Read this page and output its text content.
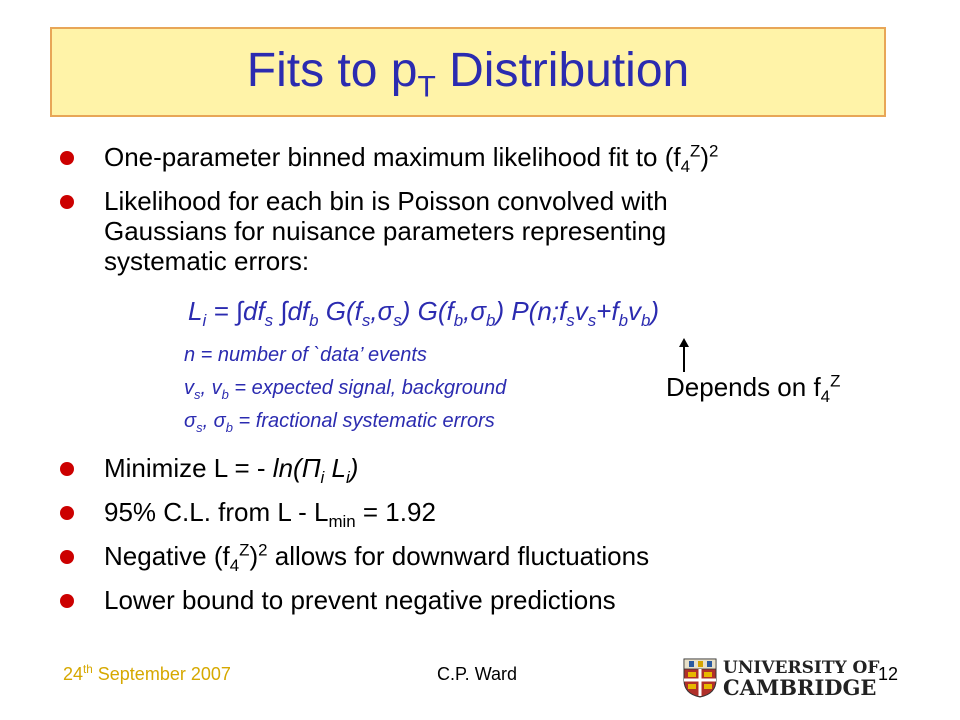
Fits to $p_T$ Distribution
One-parameter binned maximum likelihood fit to $(f_4^Z)^2$
Likelihood for each bin is Poisson convolved with
Gaussians for nuisance parameters representing
systematic errors:
$L_i = \int df_s$ $\int df_b$ $G(f_s,\sigma_s)$ $G(f_b,\sigma_b)$ $P(n;f_sv_s+f_bv_b)$
n = number of `data’ events
$v_s$, $v_b$ = expected signal, background
$\sigma_s$, $\sigma_b$ = fractional systematic errors
Depends on $f_4^Z$
Minimize L = - $\ln(\Pi_i$ $L_i$)
95% C.L. from $L - L_{min} = 1.92$
Negative $(f_4^Z)^2$ allows for downward fluctuations
Lower bound to prevent negative predictions
24th September 2007	C.P. Ward	12
UNIVERSITY OF
CAMBRIDGE
